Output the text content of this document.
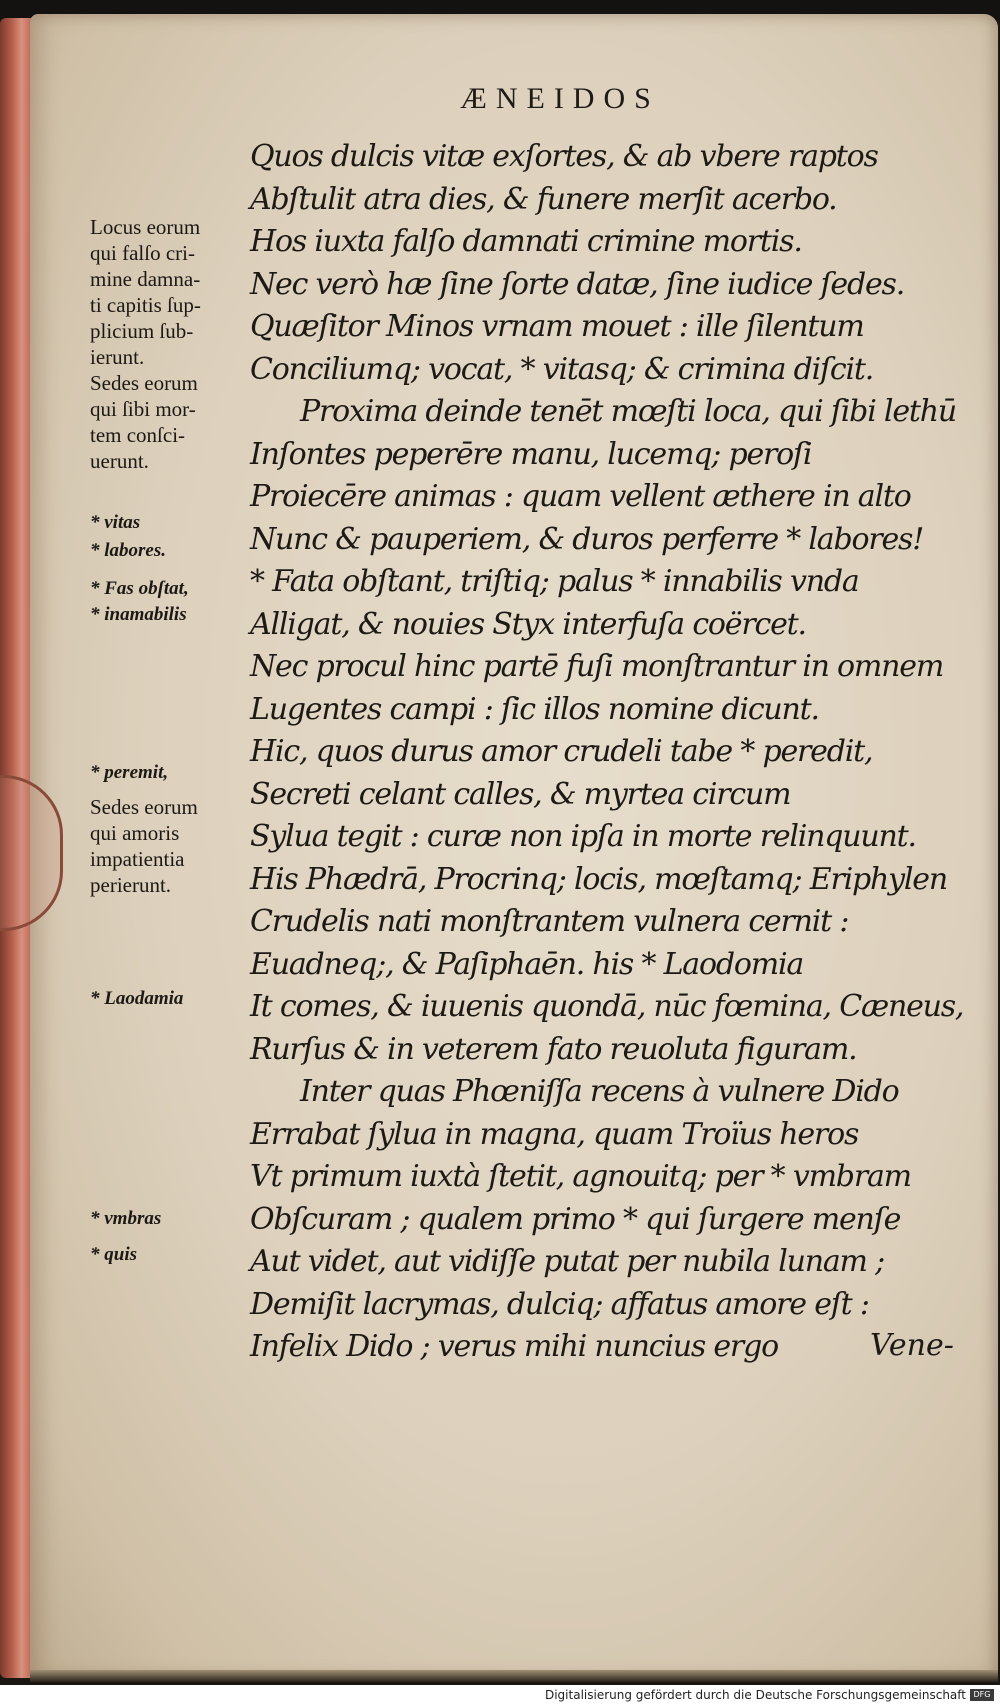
ÆNEIDOS
Quos dulcis vitæ exſortes, & ab vbere raptos
Abſtulit atra dies, & funere merſit acerbo.
Hos iuxta falſo damnati crimine mortis.
Nec verò hæ ſine ſorte datæ, ſine iudice ſedes.
Quæſitor Minos vrnam mouet : ille ſilentum
Conciliumq; vocat, * vitasq; & crimina diſcit.
Proxima deinde tenēt mœſti loca, qui ſibi lethū
Inſontes peperēre manu, lucemq; peroſi
Proiecēre animas : quam vellent æthere in alto
Nunc & pauperiem, & duros perferre * labores!
* Fata obſtant, triſtiq; palus * innabilis vnda
Alligat, & nouies Styx interfuſa coërcet.
Nec procul hinc partē fuſi monſtrantur in omnem
Lugentes campi : ſic illos nomine dicunt.
Hic, quos durus amor crudeli tabe * peredit,
Secreti celant calles, & myrtea circum
Sylua tegit : curæ non ipſa in morte relinquunt.
His Phædrā, Procrinq; locis, mœſtamq; Eriphylen
Crudelis nati monſtrantem vulnera cernit :
Euadneq;, & Paſiphaēn. his * Laodomia
It comes, & iuuenis quondā, nūc fœmina, Cæneus,
Rurſus & in veterem fato reuoluta figuram.
Inter quas Phœniſſa recens à vulnere Dido
Errabat ſylua in magna, quam Troïus heros
Vt primum iuxtà ſtetit, agnouitq; per * vmbram
Obſcuram ; qualem primo * qui ſurgere menſe
Aut videt, aut vidiſſe putat per nubila lunam ;
Demiſit lacrymas, dulciq; affatus amore eſt :
Infelix Dido ; verus mihi nuncius ergo
Locus eorum
qui falſo cri-
mine damna-
ti capitis ſup-
plicium ſub-
ierunt.
Sedes eorum
qui ſibi mor-
tem conſci-
uerunt.
* vitas
* labores.
* Fas obſtat,
* inamabilis
* peremit,
Sedes eorum
qui amoris
impatientia
perierunt.
* Laodamia
* vmbras
* quis
Vene-
Digitalisierung gefördert durch die Deutsche Forschungsgemeinschaft DFG
